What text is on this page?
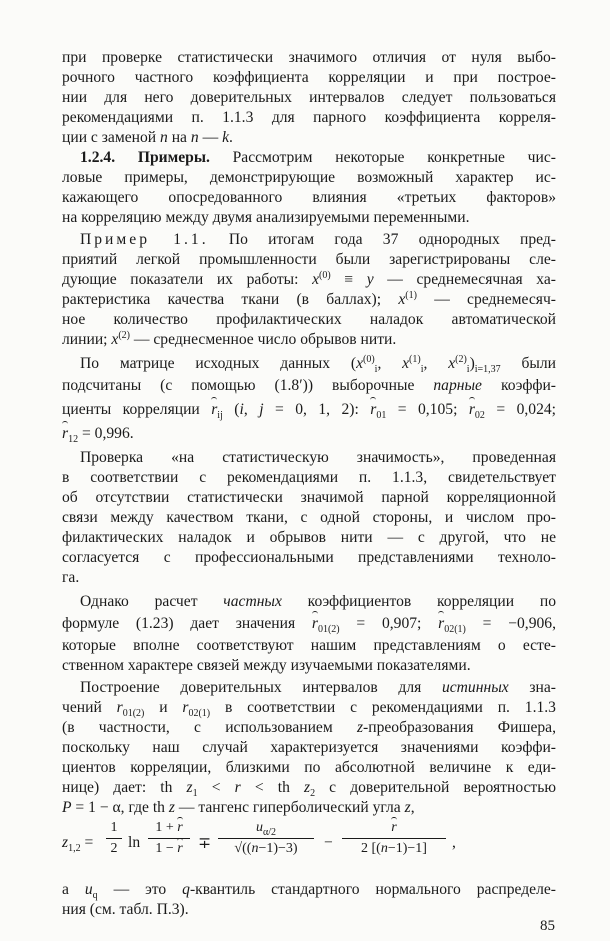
при проверке статистически значимого отличия от нуля выбо-
рочного частного коэффициента корреляции и при построе-
нии для него доверительных интервалов следует пользоваться
рекомендациями п. 1.1.3 для парного коэффициента корреля-
ции с заменой n на n — k.
1.2.4. Примеры. Рассмотрим некоторые конкретные чис-
ловые примеры, демонстрирующие возможный характер ис-
кажающего опосредованного влияния «третьих факторов»
на корреляцию между двумя анализируемыми переменными.
Пример 1.1. По итогам года 37 однородных пред-
приятий легкой промышленности были зарегистрированы сле-
дующие показатели их работы: $x^{(0)} \equiv y$ — среднемесячная ха-
рактеристика качества ткани (в баллах); $x^{(1)}$ — среднемесяч-
ное количество профилактических наладок автоматической
линии; $x^{(2)}$ — среднесменное число обрывов нити.
По матрице исходных данных ($x^{(0)}_i$, $x^{(1)}_i$, $x^{(2)}_i)_{i=1,37}$ были
подсчитаны (с помощью (1.8′)) выборочные парные коэффи-
циенты корреляции $r_{ij}$ (i, j = 0, 1, 2): $r_{01} = 0,105$; $r_{02} = 0,024$;
$r_{12} = 0,996$.
Проверка «на статистическую значимость», проведенная
в соответствии с рекомендациями п. 1.1.3, свидетельствует
об отсутствии статистически значимой парной корреляционной
связи между качеством ткани, с одной стороны, и числом про-
филактических наладок и обрывов нити — с другой, что не
согласуется с профессиональными представлениями техноло-
га.
Однако расчет частных коэффициентов корреляции по
формуле (1.23) дает значения $r_{01(2)} = 0,907$; $r_{02(1)} = -0,906$,
которые вполне соответствуют нашим представлениям о есте-
ственном характере связей между изучаемыми показателями.
Построение доверительных интервалов для истинных зна-
чений $r_{01(2)}$ и $r_{02(1)}$ в соответствии с рекомендациями п. 1.1.3
(в частности, с использованием z-преобразования Фишера,
поскольку наш случай характеризуется значениями коэффи-
циентов корреляции, близкими по абсолютной величине к еди-
нице) дает: th $z_1 < r$ < th $z_2$ с доверительной вероятностью
P = 1 − α, где th z — тангенс гиперболический угла z,
$z_{1,2} = \frac{1}{2}$ $\ln \frac{1 + r}{1 - r} \mp \frac{u_{\alpha/2}}{√((n-1)-3)} - \frac{r}{2 [(n-1)-1]}$ ,
а $u_q$ — это q-квантиль стандартного нормального распределе-
ния (см. табл. П.3).
85
